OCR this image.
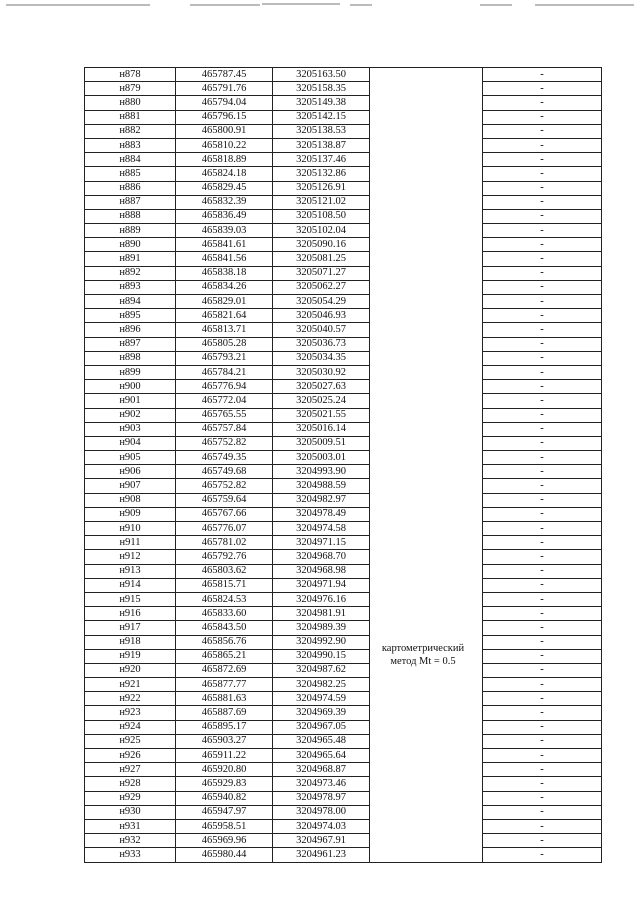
н878	465787.45	3205163.50		-
н879	465791.76	3205158.35		-
н880	465794.04	3205149.38		-
н881	465796.15	3205142.15		-
н882	465800.91	3205138.53		-
н883	465810.22	3205138.87		-
н884	465818.89	3205137.46		-
н885	465824.18	3205132.86		-
н886	465829.45	3205126.91		-
н887	465832.39	3205121.02		-
н888	465836.49	3205108.50		-
н889	465839.03	3205102.04		-
н890	465841.61	3205090.16		-
н891	465841.56	3205081.25		-
н892	465838.18	3205071.27		-
н893	465834.26	3205062.27		-
н894	465829.01	3205054.29		-
н895	465821.64	3205046.93		-
н896	465813.71	3205040.57		-
н897	465805.28	3205036.73		-
н898	465793.21	3205034.35		-
н899	465784.21	3205030.92		-
н900	465776.94	3205027.63		-
н901	465772.04	3205025.24		-
н902	465765.55	3205021.55		-
н903	465757.84	3205016.14		-
н904	465752.82	3205009.51		-
н905	465749.35	3205003.01		-
н906	465749.68	3204993.90		-
н907	465752.82	3204988.59		-
н908	465759.64	3204982.97		-
н909	465767.66	3204978.49		-
н910	465776.07	3204974.58		-
н911	465781.02	3204971.15		-
н912	465792.76	3204968.70		-
н913	465803.62	3204968.98		-
н914	465815.71	3204971.94		-
н915	465824.53	3204976.16		-
н916	465833.60	3204981.91		-
н917	465843.50	3204989.39		-
н918	465856.76	3204992.90		-
н919	465865.21	3204990.15		-
н920	465872.69	3204987.62		-
н921	465877.77	3204982.25		-
н922	465881.63	3204974.59		-
н923	465887.69	3204969.39		-
н924	465895.17	3204967.05		-
н925	465903.27	3204965.48		-
н926	465911.22	3204965.64		-
н927	465920.80	3204968.87		-
н928	465929.83	3204973.46		-
н929	465940.82	3204978.97		-
н930	465947.97	3204978.00		-
н931	465958.51	3204974.03		-
н932	465969.96	3204967.91		-
н933	465980.44	3204961.23		-
картометрический
метод Mt = 0.5
